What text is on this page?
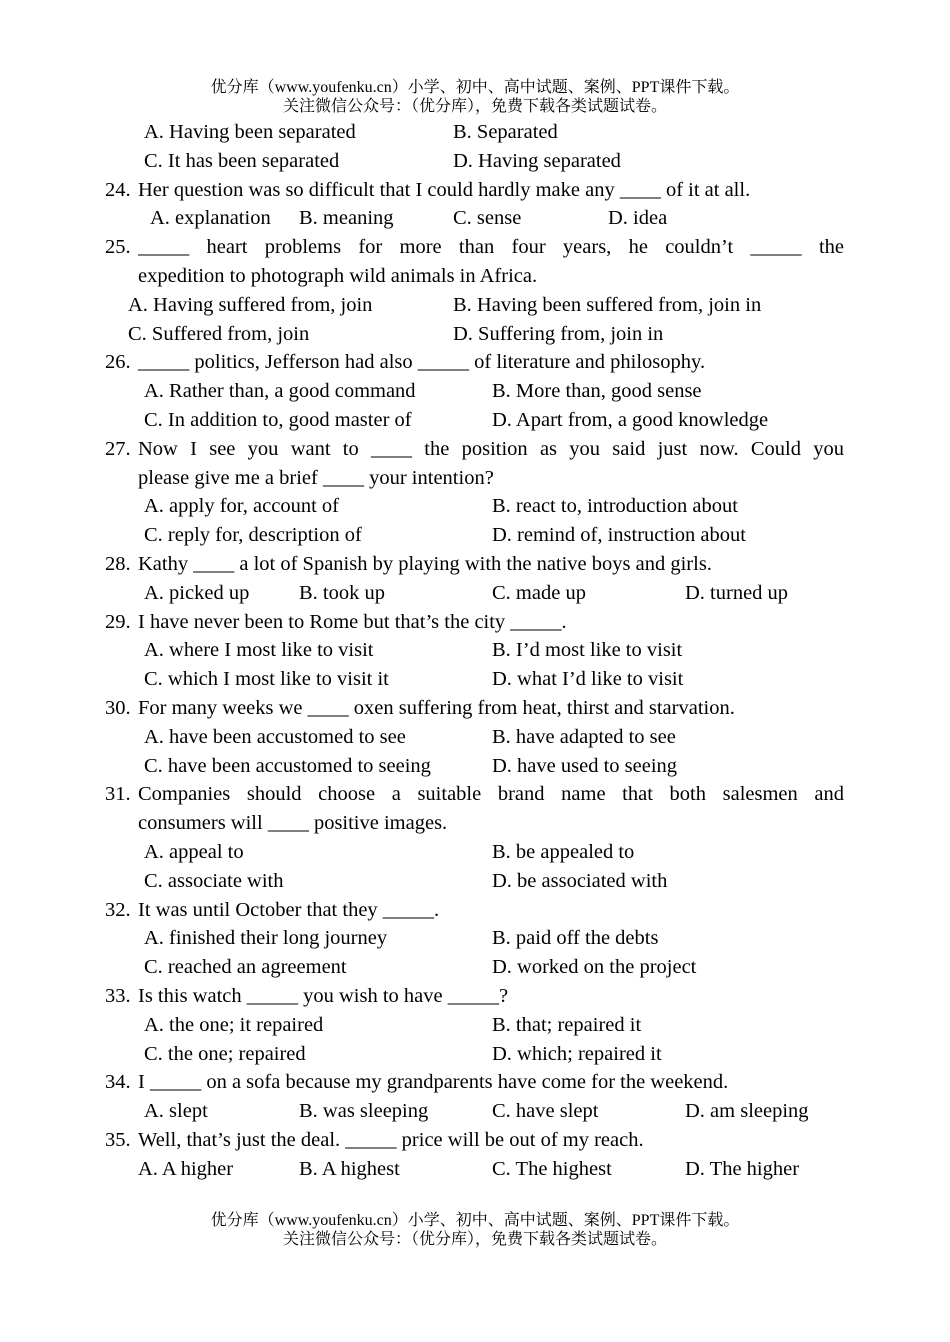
优分库（www.youfenku.cn）小学、初中、高中试题、案例、PPT课件下载。
关注微信公众号：（优分库），免费下载各类试题试卷。
A. Having been separated	B. Separated
C. It has been separated	D. Having separated
24. Her question was so difficult that I could hardly make any ____ of it at all.
A. explanation B. meaning	C. sense	D. idea
25. _____ heart problems for more than four years, he couldn’t _____ the
expedition to photograph wild animals in Africa.
A. Having suffered from, join	B. Having been suffered from, join in
C. Suffered from, join	D. Suffering from, join in
26. _____ politics, Jefferson had also _____ of literature and philosophy.
A. Rather than, a good command	B. More than, good sense
C. In addition to, good master of	D. Apart from, a good knowledge
27. Now I see you want to ____ the position as you said just now. Could you
please give me a brief ____ your intention?
A. apply for, account of	B. react to, introduction about
C. reply for, description of	D. remind of, instruction about
28. Kathy ____ a lot of Spanish by playing with the native boys and girls.
A. picked up B. took up	C. made up	D. turned up
29. I have never been to Rome but that’s the city _____.
A. where I most like to visit	B. I’d most like to visit
C. which I most like to visit it	D. what I’d like to visit
30. For many weeks we ____ oxen suffering from heat, thirst and starvation.
A. have been accustomed to see	B. have adapted to see
C. have been accustomed to seeing	D. have used to seeing
31. Companies should choose a suitable brand name that both salesmen and
consumers will ____ positive images.
A. appeal to	B. be appealed to
C. associate with	D. be associated with
32. It was until October that they _____.
A. finished their long journey	B. paid off the debts
C. reached an agreement	D. worked on the project
33. Is this watch _____ you wish to have _____?
A. the one; it repaired	B. that; repaired it
C. the one; repaired	D. which; repaired it
34. I _____ on a sofa because my grandparents have come for the weekend.
A. slept	B. was sleeping	C. have slept	D. am sleeping
35. Well, that’s just the deal. _____ price will be out of my reach.
A. A higher	B. A highest	C. The highest	D. The higher
优分库（www.youfenku.cn）小学、初中、高中试题、案例、PPT课件下载。
关注微信公众号：（优分库），免费下载各类试题试卷。
